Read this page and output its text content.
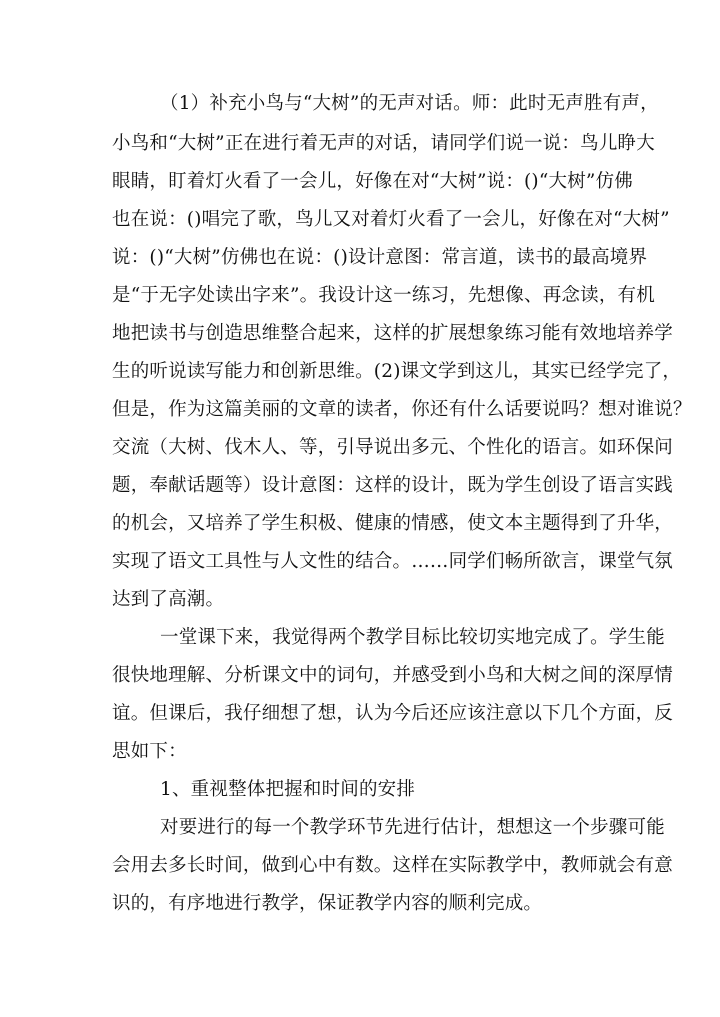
（1）补充小鸟与“大树”的无声对话。师：此时无声胜有声，
小鸟和“大树”正在进行着无声的对话，请同学们说一说：鸟儿睁大
眼睛，盯着灯火看了一会儿，好像在对“大树”说：()“大树”仿佛
也在说：()唱完了歌，鸟儿又对着灯火看了一会儿，好像在对“大树”
说：()“大树”仿佛也在说：()设计意图：常言道，读书的最高境界
是“于无字处读出字来”。我设计这一练习，先想像、再念读，有机
地把读书与创造思维整合起来，这样的扩展想象练习能有效地培养学
生的听说读写能力和创新思维。(2)课文学到这儿，其实已经学完了，
但是，作为这篇美丽的文章的读者，你还有什么话要说吗？想对谁说？
交流（大树、伐木人、等，引导说出多元、个性化的语言。如环保问
题，奉献话题等）设计意图：这样的设计，既为学生创设了语言实践
的机会，又培养了学生积极、健康的情感，使文本主题得到了升华，
实现了语文工具性与人文性的结合。……同学们畅所欲言，课堂气氛
达到了高潮。
一堂课下来，我觉得两个教学目标比较切实地完成了。学生能
很快地理解、分析课文中的词句，并感受到小鸟和大树之间的深厚情
谊。但课后，我仔细想了想，认为今后还应该注意以下几个方面，反
思如下：
1、重视整体把握和时间的安排
对要进行的每一个教学环节先进行估计，想想这一个步骤可能
会用去多长时间，做到心中有数。这样在实际教学中，教师就会有意
识的，有序地进行教学，保证教学内容的顺利完成。
